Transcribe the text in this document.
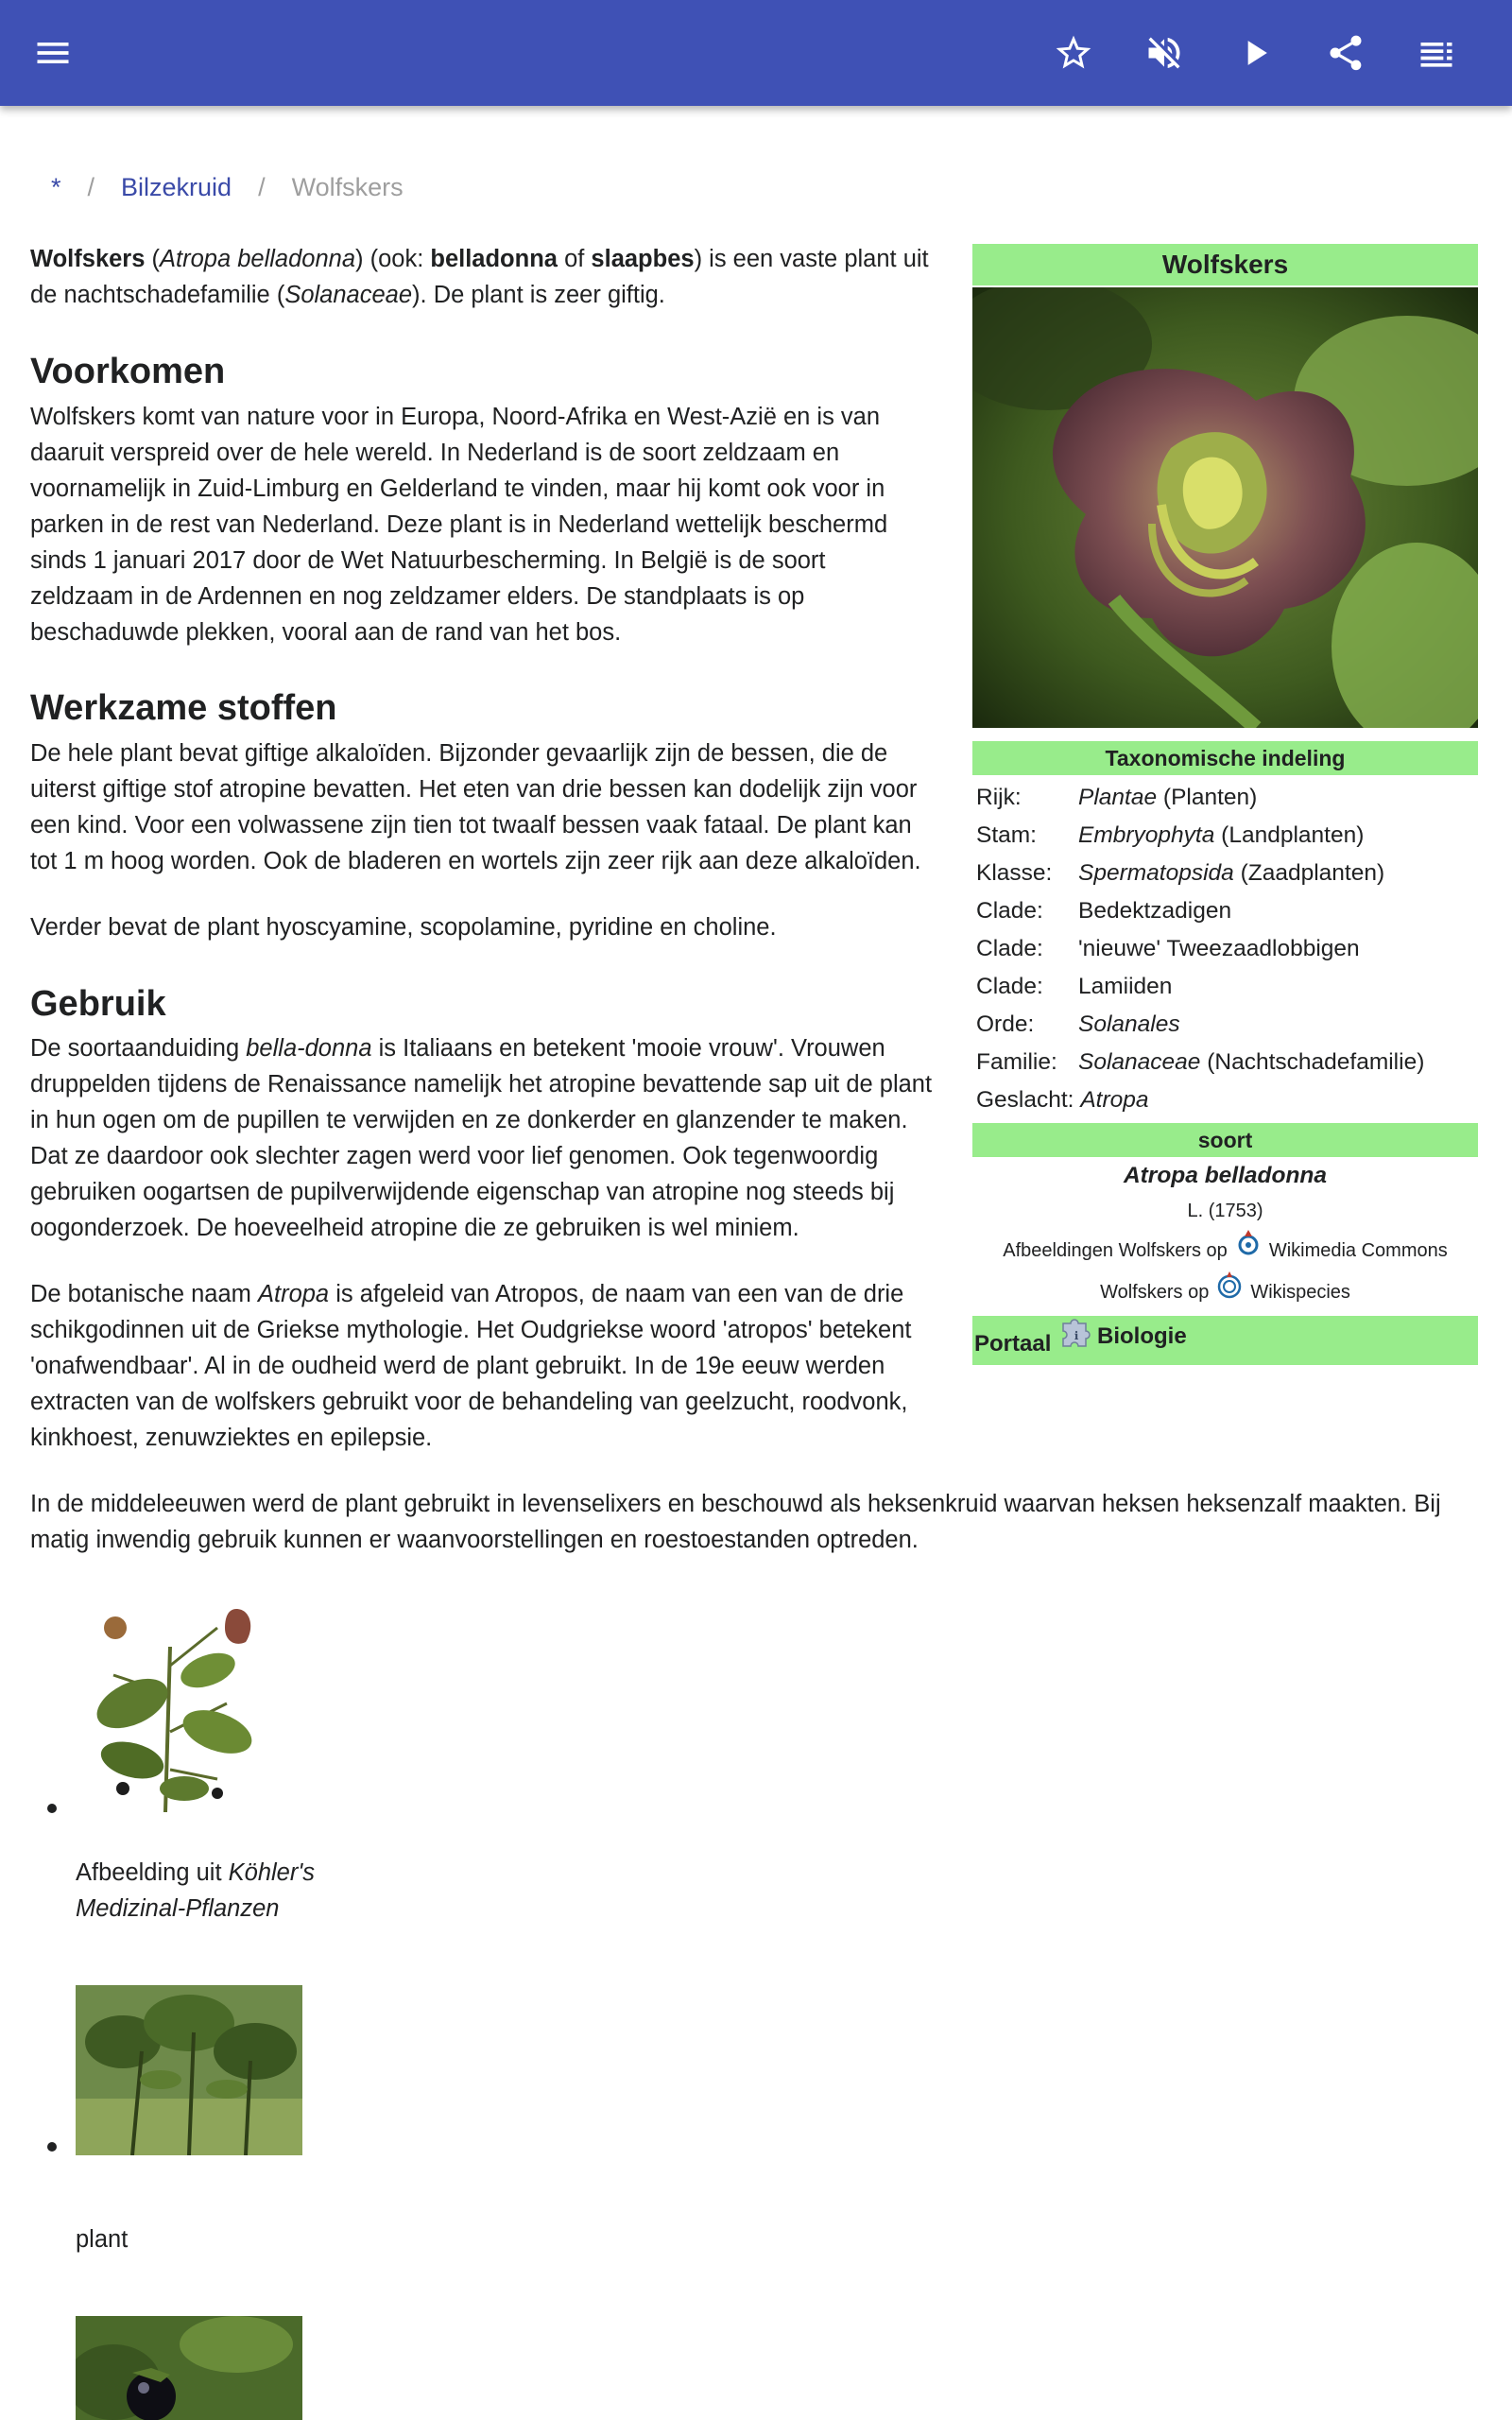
* / Bilzekruid / Wolfskers
Wolfskers (Atropa belladonna) (ook: belladonna of slaapbes) is een vaste plant uit
de nachtschadefamilie (Solanaceae). De plant is zeer giftig.
Voorkomen
Wolfskers komt van nature voor in Europa, Noord-Afrika en West-Azië en is van
daaruit verspreid over de hele wereld. In Nederland is de soort zeldzaam en
voornamelijk in Zuid-Limburg en Gelderland te vinden, maar hij komt ook voor in
parken in de rest van Nederland. Deze plant is in Nederland wettelijk beschermd
sinds 1 januari 2017 door de Wet Natuurbescherming. In België is de soort
zeldzaam in de Ardennen en nog zeldzamer elders. De standplaats is op
beschaduwde plekken, vooral aan de rand van het bos.
Werkzame stoffen
De hele plant bevat giftige alkaloïden. Bijzonder gevaarlijk zijn de bessen, die de
uiterst giftige stof atropine bevatten. Het eten van drie bessen kan dodelijk zijn voor
een kind. Voor een volwassene zijn tien tot twaalf bessen vaak fataal. De plant kan
tot 1 m hoog worden. Ook de bladeren en wortels zijn zeer rijk aan deze alkaloïden.
Verder bevat de plant hyoscyamine, scopolamine, pyridine en choline.
Gebruik
De soortaanduiding bella-donna is Italiaans en betekent 'mooie vrouw'. Vrouwen
druppelden tijdens de Renaissance namelijk het atropine bevattende sap uit de plant
in hun ogen om de pupillen te verwijden en ze donkerder en glanzender te maken.
Dat ze daardoor ook slechter zagen werd voor lief genomen. Ook tegenwoordig
gebruiken oogartsen de pupilverwijdende eigenschap van atropine nog steeds bij
oogonderzoek. De hoeveelheid atropine die ze gebruiken is wel miniem.
De botanische naam Atropa is afgeleid van Atropos, de naam van een van de drie
schikgodinnen uit de Griekse mythologie. Het Oudgriekse woord 'atropos' betekent
'onafwendbaar'. Al in de oudheid werd de plant gebruikt. In de 19e eeuw werden
extracten van de wolfskers gebruikt voor de behandeling van geelzucht, roodvonk,
kinkhoest, zenuwziektes en epilepsie.
In de middeleeuwen werd de plant gebruikt in levenselixers en beschouwd als heksenkruid waarvan heksen heksenzalf maakten. Bij
matig inwendig gebruik kunnen er waanvoorstellingen en roestoestanden optreden.
Wolfskers
Taxonomische indeling
Rijk: Plantae (Planten)
Stam: Embryophyta (Landplanten)
Klasse: Spermatopsida (Zaadplanten)
Clade: Bedektzadigen
Clade: 'nieuwe' Tweezaadlobbigen
Clade: Lamiiden
Orde: Solanales
Familie: Solanaceae (Nachtschadefamilie)
Geslacht: Atropa
soort
Atropa belladonna
L. (1753)
Afbeeldingen Wolfskers op Wikimedia Commons
Wolfskers op Wikispecies
Portaal ℹ Biologie
Afbeelding uit Köhler's
Medizinal-Pflanzen
plant
